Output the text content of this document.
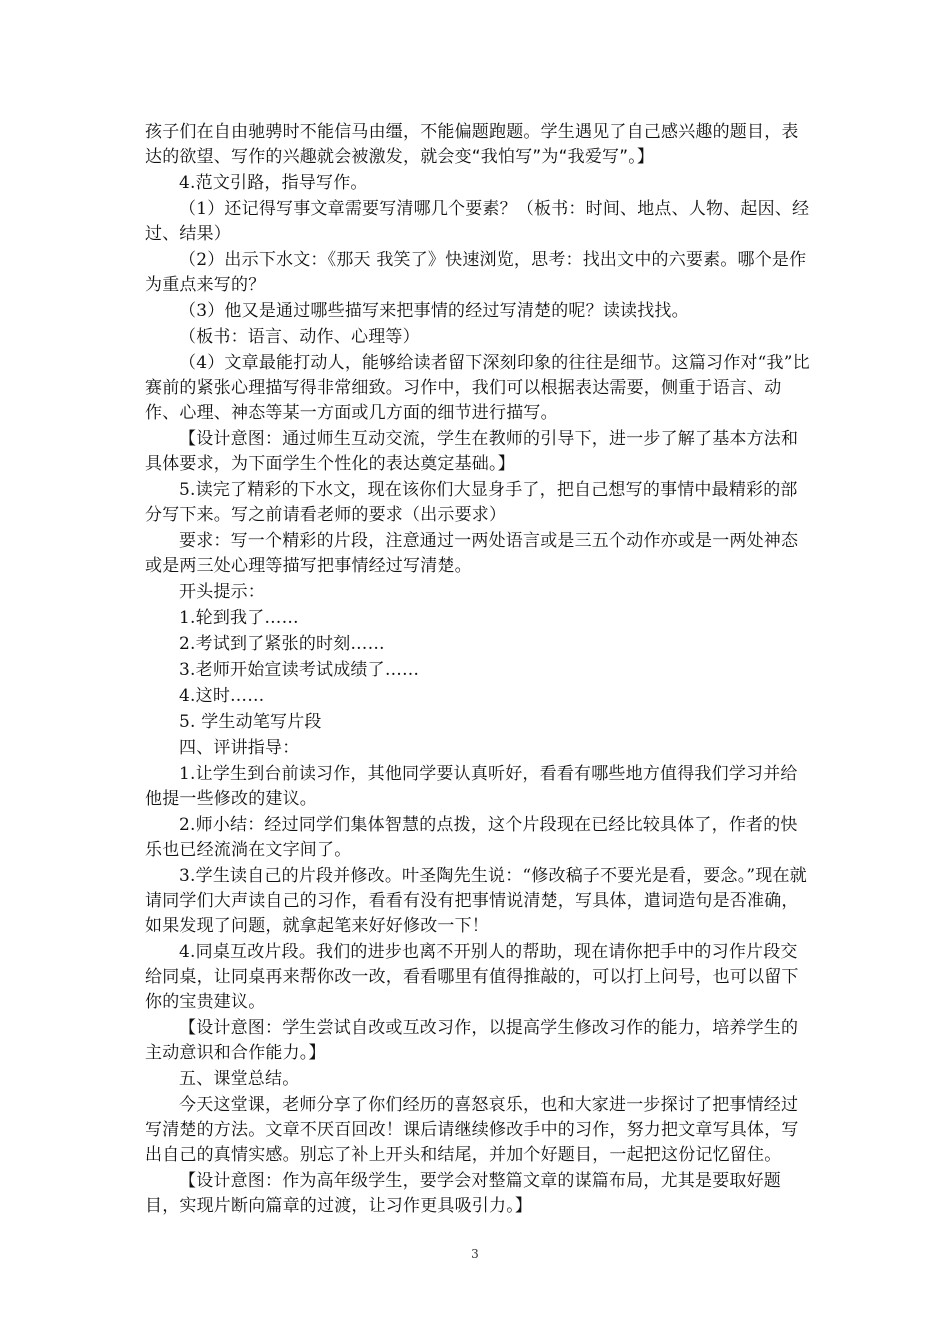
孩子们在自由驰骋时不能信马由缰，不能偏题跑题。学生遇见了自己感兴趣的题目，表达的欲望、写作的兴趣就会被激发，就会变“我怕写”为“我爱写”。】

4.范文引路，指导写作。

（1）还记得写事文章需要写清哪几个要素？（板书：时间、地点、人物、起因、经过、结果）

（2）出示下水文：《那天 我笑了》快速浏览，思考：找出文中的六要素。哪个是作为重点来写的？

（3）他又是通过哪些描写来把事情的经过写清楚的呢？读读找找。

（板书：语言、动作、心理等）

（4）文章最能打动人，能够给读者留下深刻印象的往往是细节。这篇习作对“我”比赛前的紧张心理描写得非常细致。习作中，我们可以根据表达需要，侧重于语言、动作、心理、神态等某一方面或几方面的细节进行描写。

【设计意图：通过师生互动交流，学生在教师的引导下，进一步了解了基本方法和具体要求，为下面学生个性化的表达奠定基础。】

5.读完了精彩的下水文，现在该你们大显身手了，把自己想写的事情中最精彩的部分写下来。写之前请看老师的要求（出示要求）

要求：写一个精彩的片段，注意通过一两处语言或是三五个动作亦或是一两处神态或是两三处心理等描写把事情经过写清楚。

开头提示：

1.轮到我了……

2.考试到了紧张的时刻……

3.老师开始宣读考试成绩了……

4.这时……

5. 学生动笔写片段

四、评讲指导：

1.让学生到台前读习作，其他同学要认真听好，看看有哪些地方值得我们学习并给他提一些修改的建议。

2.师小结：经过同学们集体智慧的点拨，这个片段现在已经比较具体了，作者的快乐也已经流淌在文字间了。

3.学生读自己的片段并修改。叶圣陶先生说：“修改稿子不要光是看，要念。”现在就请同学们大声读自己的习作，看看有没有把事情说清楚，写具体，遣词造句是否准确，如果发现了问题，就拿起笔来好好修改一下！

4.同桌互改片段。我们的进步也离不开别人的帮助，现在请你把手中的习作片段交给同桌，让同桌再来帮你改一改，看看哪里有值得推敲的，可以打上问号，也可以留下你的宝贵建议。

【设计意图：学生尝试自改或互改习作，以提高学生修改习作的能力，培养学生的主动意识和合作能力。】

五、课堂总结。

今天这堂课，老师分享了你们经历的喜怒哀乐，也和大家进一步探讨了把事情经过写清楚的方法。文章不厌百回改！课后请继续修改手中的习作，努力把文章写具体，写出自己的真情实感。别忘了补上开头和结尾，并加个好题目，一起把这份记忆留住。

【设计意图：作为高年级学生，要学会对整篇文章的谋篇布局，尤其是要取好题目，实现片断向篇章的过渡，让习作更具吸引力。】

3
